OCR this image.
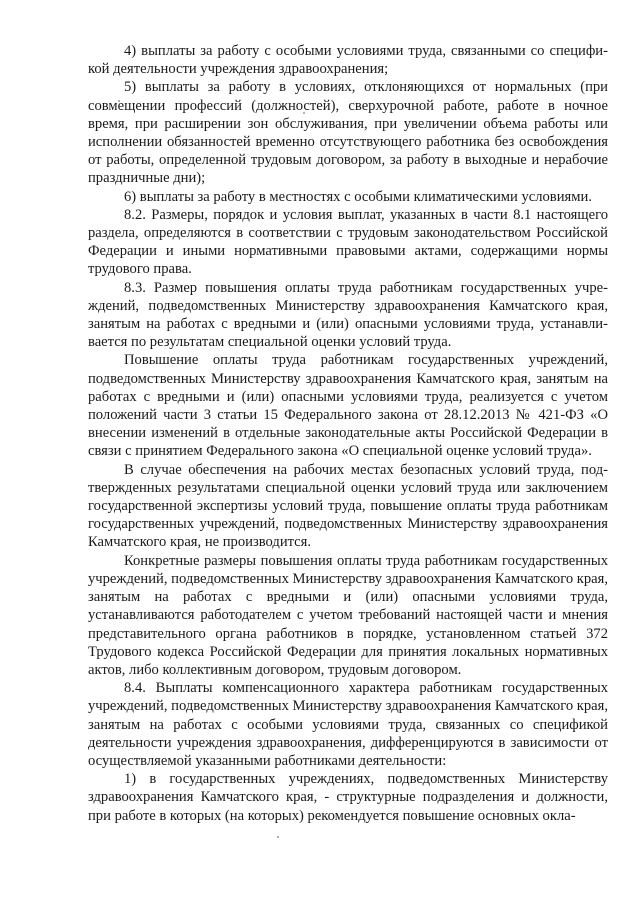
4) выплаты за работу с особыми условиями труда, связанными со спецификой деятельности учреждения здравоохранения;

5) выплаты за работу в условиях, отклоняющихся от нормальных (при совмещении профессий (должностей), сверхурочной работе, работе в ночное время, при расширении зон обслуживания, при увеличении объема работы или исполнении обязанностей временно отсутствующего работника без освобождения от работы, определенной трудовым договором, за работу в выходные и нерабочие праздничные дни);

6) выплаты за работу в местностях с особыми климатическими условиями.

8.2. Размеры, порядок и условия выплат, указанных в части 8.1 настоящего раздела, определяются в соответствии с трудовым законодательством Российской Федерации и иными нормативными правовыми актами, содержащими нормы трудового права.

8.3. Размер повышения оплаты труда работникам государственных учреждений, подведомственных Министерству здравоохранения Камчатского края, занятым на работах с вредными и (или) опасными условиями труда, устанавливается по результатам специальной оценки условий труда.

Повышение оплаты труда работникам государственных учреждений, подведомственных Министерству здравоохранения Камчатского края, занятым на работах с вредными и (или) опасными условиями труда, реализуется с учетом положений части 3 статьи 15 Федерального закона от 28.12.2013 № 421-ФЗ «О внесении изменений в отдельные законодательные акты Российской Федерации в связи с принятием Федерального закона «О специальной оценке условий труда».

В случае обеспечения на рабочих местах безопасных условий труда, подтвержденных результатами специальной оценки условий труда или заключением государственной экспертизы условий труда, повышение оплаты труда работникам государственных учреждений, подведомственных Министерству здравоохранения Камчатского края, не производится.

Конкретные размеры повышения оплаты труда работникам государственных учреждений, подведомственных Министерству здравоохранения Камчатского края, занятым на работах с вредными и (или) опасными условиями труда, устанавливаются работодателем с учетом требований настоящей части и мнения представительного органа работников в порядке, установленном статьей 372 Трудового кодекса Российской Федерации для принятия локальных нормативных актов, либо коллективным договором, трудовым договором.

8.4. Выплаты компенсационного характера работникам государственных учреждений, подведомственных Министерству здравоохранения Камчатского края, занятым на работах с особыми условиями труда, связанных со спецификой деятельности учреждения здравоохранения, дифференцируются в зависимости от осуществляемой указанными работниками деятельности:

1) в государственных учреждениях, подведомственных Министерству здравоохранения Камчатского края, - структурные подразделения и должности, при работе в которых (на которых) рекомендуется повышение основных окла-
